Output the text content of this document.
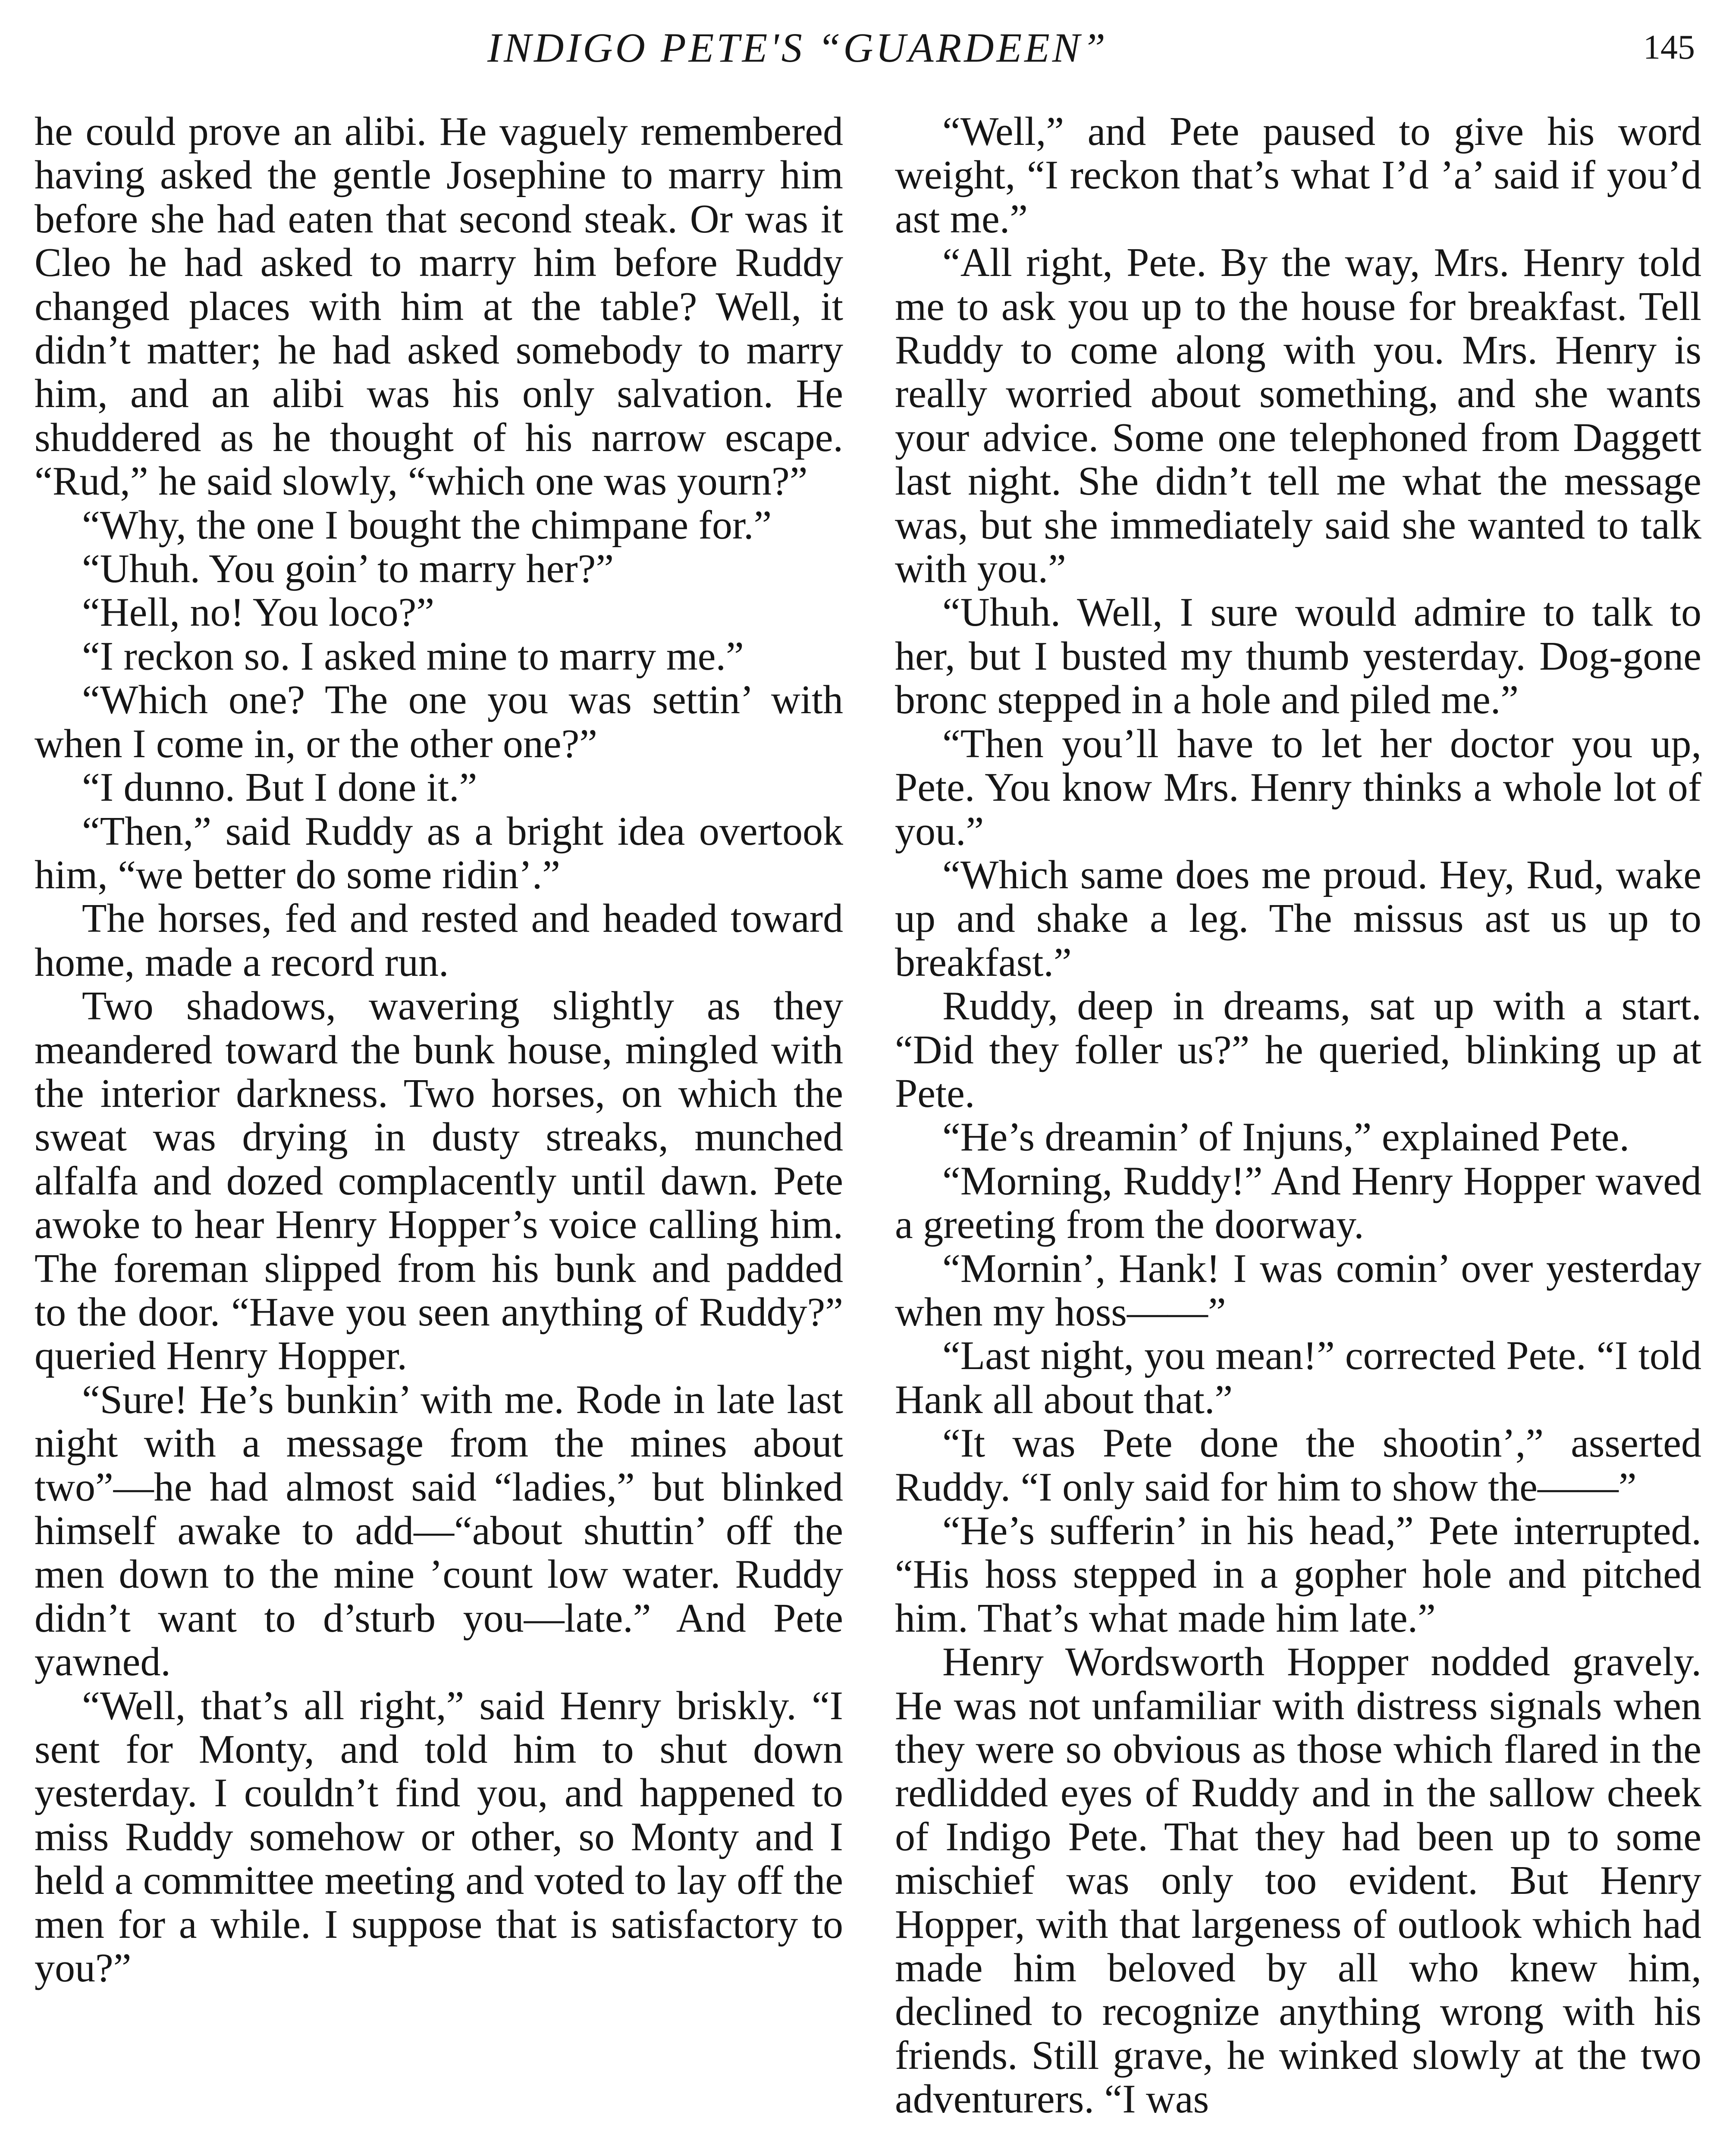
INDIGO PETE'S “GUARDEEN”	145

he could prove an alibi. He vaguely remembered having asked the gentle Josephine to marry him before she had eaten that second steak. Or was it Cleo he had asked to marry him before Ruddy changed places with him at the table? Well, it didn’t matter; he had asked somebody to marry him, and an alibi was his only salvation. He shuddered as he thought of his narrow escape. “Rud,” he said slowly, “which one was yourn?”

“Why, the one I bought the chimpane for.”

“Uhuh. You goin’ to marry her?”

“Hell, no! You loco?”

“I reckon so. I asked mine to marry me.”

“Which one? The one you was settin’ with when I come in, or the other one?”

“I dunno. But I done it.”

“Then,” said Ruddy as a bright idea overtook him, “we better do some ridin’.”

The horses, fed and rested and headed toward home, made a record run.

Two shadows, wavering slightly as they meandered toward the bunk house, mingled with the interior darkness. Two horses, on which the sweat was drying in dusty streaks, munched alfalfa and dozed complacently until dawn. Pete awoke to hear Henry Hopper’s voice calling him. The foreman slipped from his bunk and padded to the door. “Have you seen anything of Ruddy?” queried Henry Hopper.

“Sure! He’s bunkin’ with me. Rode in late last night with a message from the mines about two”—he had almost said “ladies,” but blinked himself awake to add—“about shuttin’ off the men down to the mine ’count low water. Ruddy didn’t want to d’sturb you—late.” And Pete yawned.

“Well, that’s all right,” said Henry briskly. “I sent for Monty, and told him to shut down yesterday. I couldn’t find you, and happened to miss Ruddy somehow or other, so Monty and I held a committee meeting and voted to lay off the men for a while. I suppose that is satisfactory to you?”

“Well,” and Pete paused to give his word weight, “I reckon that’s what I’d ’a’ said if you’d ast me.”

“All right, Pete. By the way, Mrs. Henry told me to ask you up to the house for breakfast. Tell Ruddy to come along with you. Mrs. Henry is really worried about something, and she wants your advice. Some one telephoned from Daggett last night. She didn’t tell me what the message was, but she immediately said she wanted to talk with you.”

“Uhuh. Well, I sure would admire to talk to her, but I busted my thumb yesterday. Dog-gone bronc stepped in a hole and piled me.”

“Then you’ll have to let her doctor you up, Pete. You know Mrs. Henry thinks a whole lot of you.”

“Which same does me proud. Hey, Rud, wake up and shake a leg. The missus ast us up to breakfast.”

Ruddy, deep in dreams, sat up with a start. “Did they foller us?” he queried, blinking up at Pete.

“He’s dreamin’ of Injuns,” explained Pete.

“Morning, Ruddy!” And Henry Hopper waved a greeting from the doorway.

“Mornin’, Hank! I was comin’ over yesterday when my hoss——”

“Last night, you mean!” corrected Pete. “I told Hank all about that.”

“It was Pete done the shootin’,” asserted Ruddy. “I only said for him to show the——”

“He’s sufferin’ in his head,” Pete interrupted. “His hoss stepped in a gopher hole and pitched him. That’s what made him late.”

Henry Wordsworth Hopper nodded gravely. He was not unfamiliar with distress signals when they were so obvious as those which flared in the redlidded eyes of Ruddy and in the sallow cheek of Indigo Pete. That they had been up to some mischief was only too evident. But Henry Hopper, with that largeness of outlook which had made him beloved by all who knew him, declined to recognize anything wrong with his friends. Still grave, he winked slowly at the two adventurers. “I was
